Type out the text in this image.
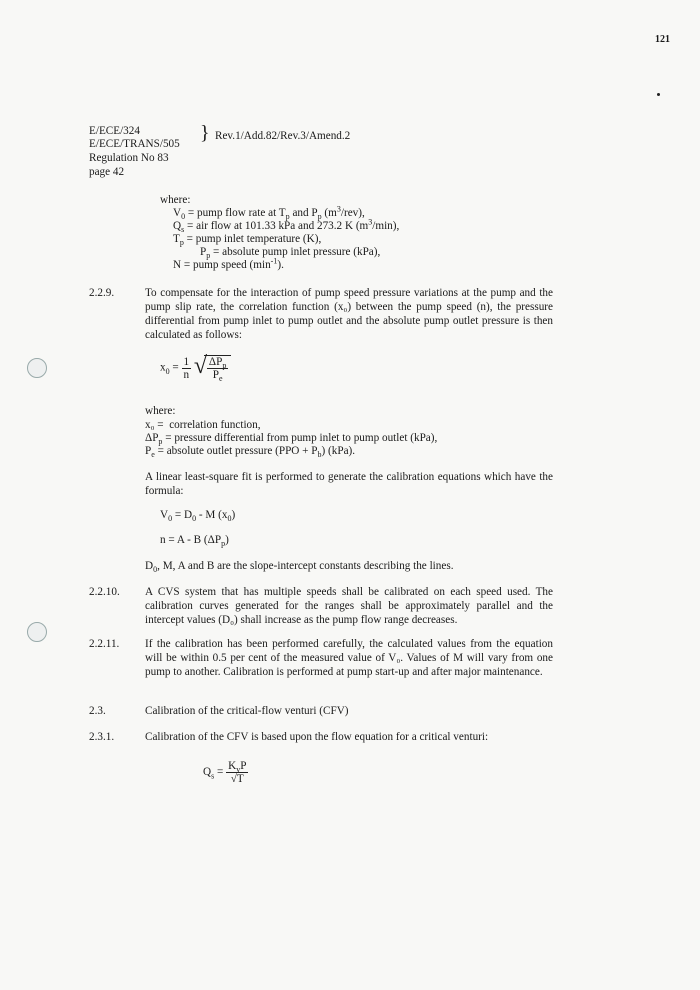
121
E/ECE/324
E/ECE/TRANS/505
Regulation No 83
page 42
} Rev.1/Add.82/Rev.3/Amend.2
where:
$V_0$ = pump flow rate at $T_p$ and $P_p$ $(m^3/rev)$,
$Q_s$ = air flow at 101.33 kPa and 273.2 K $(m^3/\min)$,
$T_p$ = pump inlet temperature (K),
$P_p$ = absolute pump inlet pressure (kPa),
N = pump speed $(\min^{-1})$.
2.2.9.	To compensate for the interaction of pump speed pressure variations at the pump and the pump slip rate, the correlation function (x₀) between the pump speed (n), the pressure differential from pump inlet to pump outlet and the absolute pump outlet pressure is then calculated as follows:
$x_0 = \frac{1}{n}$
√ $\frac{\Delta P_p}{P_e}$
where:
x₀ = correlation function,
$\Delta P_p$ = pressure differential from pump inlet to pump outlet (kPa),
$P_e$ = absolute outlet pressure $(PPO + P_b)$ (kPa).
A linear least-square fit is performed to generate the calibration equations which have the formula:
$V_0 = D_0 - M$ $(x_0)$
n = A - B $(\Delta P_p)$
$D_0$, M, A and B are the slope-intercept constants describing the lines.
2.2.10. A CVS system that has multiple speeds shall be calibrated on each speed used. The calibration curves generated for the ranges shall be approximately parallel and the intercept values (D₀) shall increase as the pump flow range decreases.
2.2.11. If the calibration has been performed carefully, the calculated values from the equation will be within 0.5 per cent of the measured value of V₀. Values of M will vary from one pump to another. Calibration is performed at pump start-up and after major maintenance.
2.3.	Calibration of the critical-flow venturi (CFV)
2.3.1.	Calibration of the CFV is based upon the flow equation for a critical venturi:
$Q_s = \frac{K_vP}{√T}$
